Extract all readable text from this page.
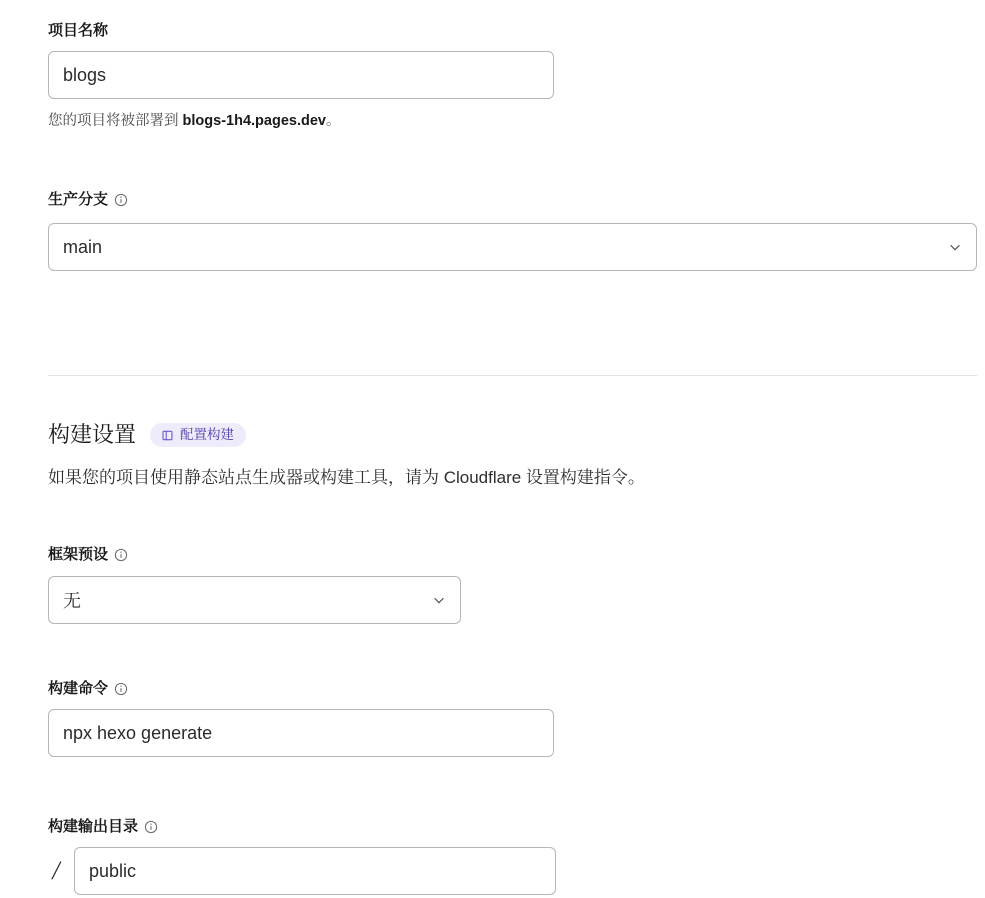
项目名称
blogs
您的项目将被部署到 blogs-1h4.pages.dev。
生产分支
main
构建设置	配置构建
如果您的项目使用静态站点生成器或构建工具，请为 Cloudflare 设置构建指令。
框架预设
无
构建命令
npx hexo generate
构建输出目录
/ public
